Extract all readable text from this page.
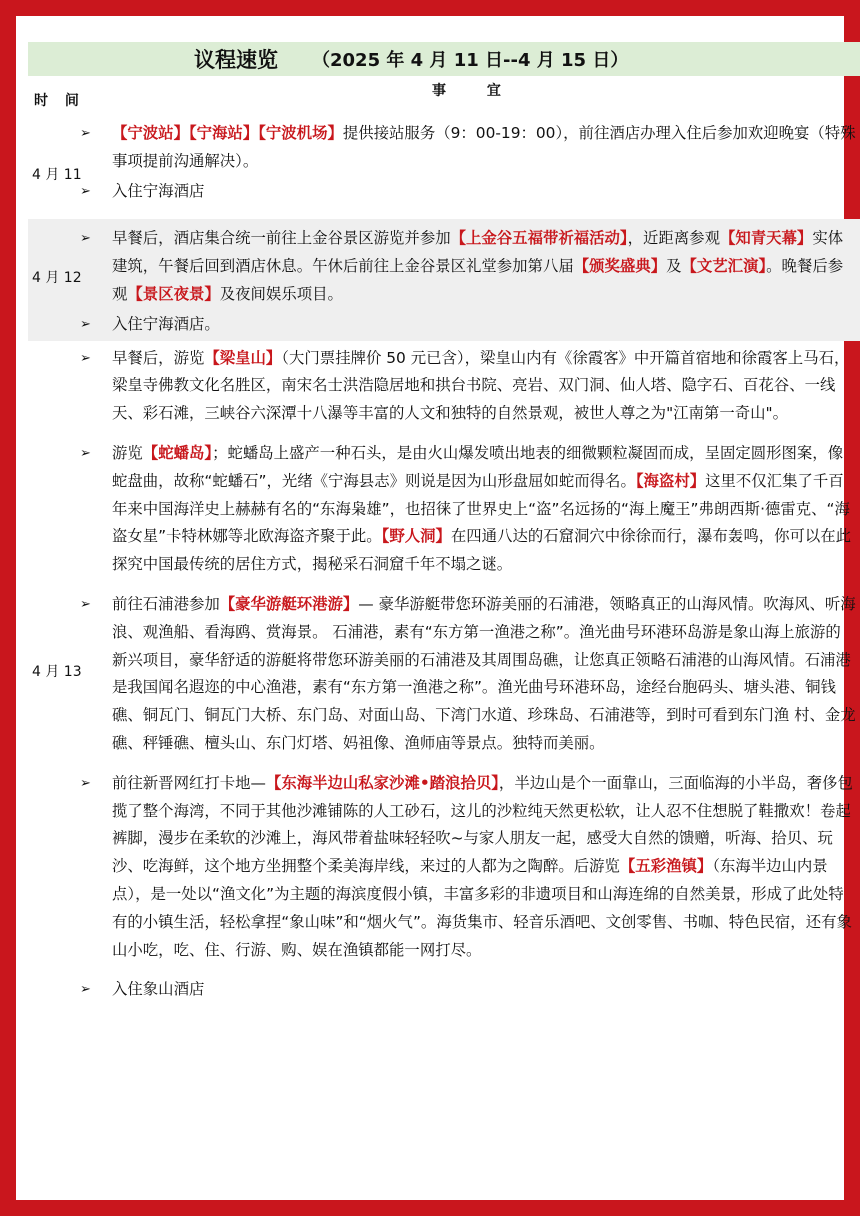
议程速览 （2025 年 4 月 11 日--4 月 15 日）
时 间
事 宜
4 月 11
➢ 【宁波站】【宁海站】【宁波机场】提供接站服务（9：00-19：00），前往酒店办理入住后参加欢迎晚宴（特殊事项提前沟通解决）。

➢ 入住宁海酒店

4 月 12
➢ 早餐后，酒店集合统一前往上金谷景区游览并参加【上金谷五福带祈福活动】，近距离参观【知青天幕】实体建筑，午餐后回到酒店休息。午休后前往上金谷景区礼堂参加第八届【颁奖盛典】及【文艺汇演】。晚餐后参观【景区夜景】及夜间娱乐项目。

➢ 入住宁海酒店。

4 月 13
➢ 早餐后，游览【梁皇山】（大门票挂牌价 50 元已含），梁皇山内有《徐霞客》中开篇首宿地和徐霞客上马石，梁皇寺佛教文化名胜区，南宋名士洪浩隐居地和拱台书院、亮岩、双门洞、仙人塔、隐字石、百花谷、一线天、彩石滩，三峡谷六深潭十八瀑等丰富的人文和独特的自然景观，被世人尊之为"江南第一奇山"。

➢ 游览【蛇蟠岛】；蛇蟠岛上盛产一种石头，是由火山爆发喷出地表的细微颗粒凝固而成，呈固定圆形图案，像蛇盘曲，故称“蛇蟠石”，光绪《宁海县志》则说是因为山形盘屈如蛇而得名。【海盗村】这里不仅汇集了千百年来中国海洋史上赫赫有名的“东海枭雄”，也招徕了世界史上“盗”名远扬的“海上魔王”弗朗西斯·德雷克、“海盗女星”卡特林娜等北欧海盗齐聚于此。【野人洞】在四通八达的石窟洞穴中徐徐而行，瀑布轰鸣，你可以在此探究中国最传统的居住方式，揭秘采石洞窟千年不塌之谜。

➢ 前往石浦港参加【豪华游艇环港游】— 豪华游艇带您环游美丽的石浦港，领略真正的山海风情。吹海风、听海浪、观渔船、看海鸥、赏海景。 石浦港，素有“东方第一渔港之称”。渔光曲号环港环岛游是象山海上旅游的新兴项目，豪华舒适的游艇将带您环游美丽的石浦港及其周围岛礁，让您真正领略石浦港的山海风情。石浦港是我国闻名遐迩的中心渔港，素有“东方第一渔港之称”。渔光曲号环港环岛，途经台胞码头、塘头港、铜钱礁、铜瓦门、铜瓦门大桥、东门岛、对面山岛、下湾门水道、珍珠岛、石浦港等，到时可看到东门渔 村、金龙礁、秤锤礁、檀头山、东门灯塔、妈祖像、渔师庙等景点。独特而美丽。

➢ 前往新晋网红打卡地—【东海半边山私家沙滩•踏浪拾贝】，半边山是个一面靠山，三面临海的小半岛，奢侈包揽了整个海湾，不同于其他沙滩铺陈的人工砂石，这儿的沙粒纯天然更松软，让人忍不住想脱了鞋撒欢！卷起裤脚，漫步在柔软的沙滩上，海风带着盐味轻轻吹~与家人朋友一起，感受大自然的馈赠，听海、拾贝、玩沙、吃海鲜，这个地方坐拥整个柔美海岸线，来过的人都为之陶醉。后游览【五彩渔镇】（东海半边山内景点），是一处以“渔文化”为主题的海滨度假小镇，丰富多彩的非遗项目和山海连绵的自然美景，形成了此处特有的小镇生活，轻松拿捏“象山味”和“烟火气”。海货集市、轻音乐酒吧、文创零售、书咖、特色民宿，还有象山小吃，吃、住、行游、购、娱在渔镇都能一网打尽。

➢ 入住象山酒店
